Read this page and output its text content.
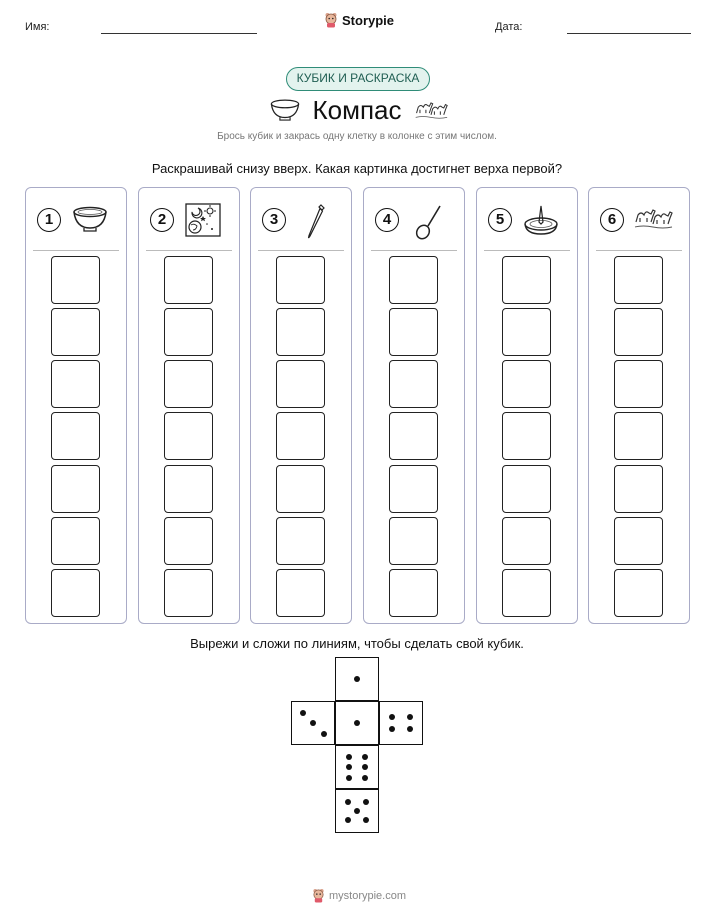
Имя:	Storypie	Дата:
КУБИК И РАСКРАСКА
Компас
Брось кубик и закрась одну клетку в колонке с этим числом.
Раскрашивай снизу вверх. Какая картинка достигнет верха первой?
1	2	3	4	5	6
Вырежи и сложи по линиям, чтобы сделать свой кубик.
mystorypie.com
